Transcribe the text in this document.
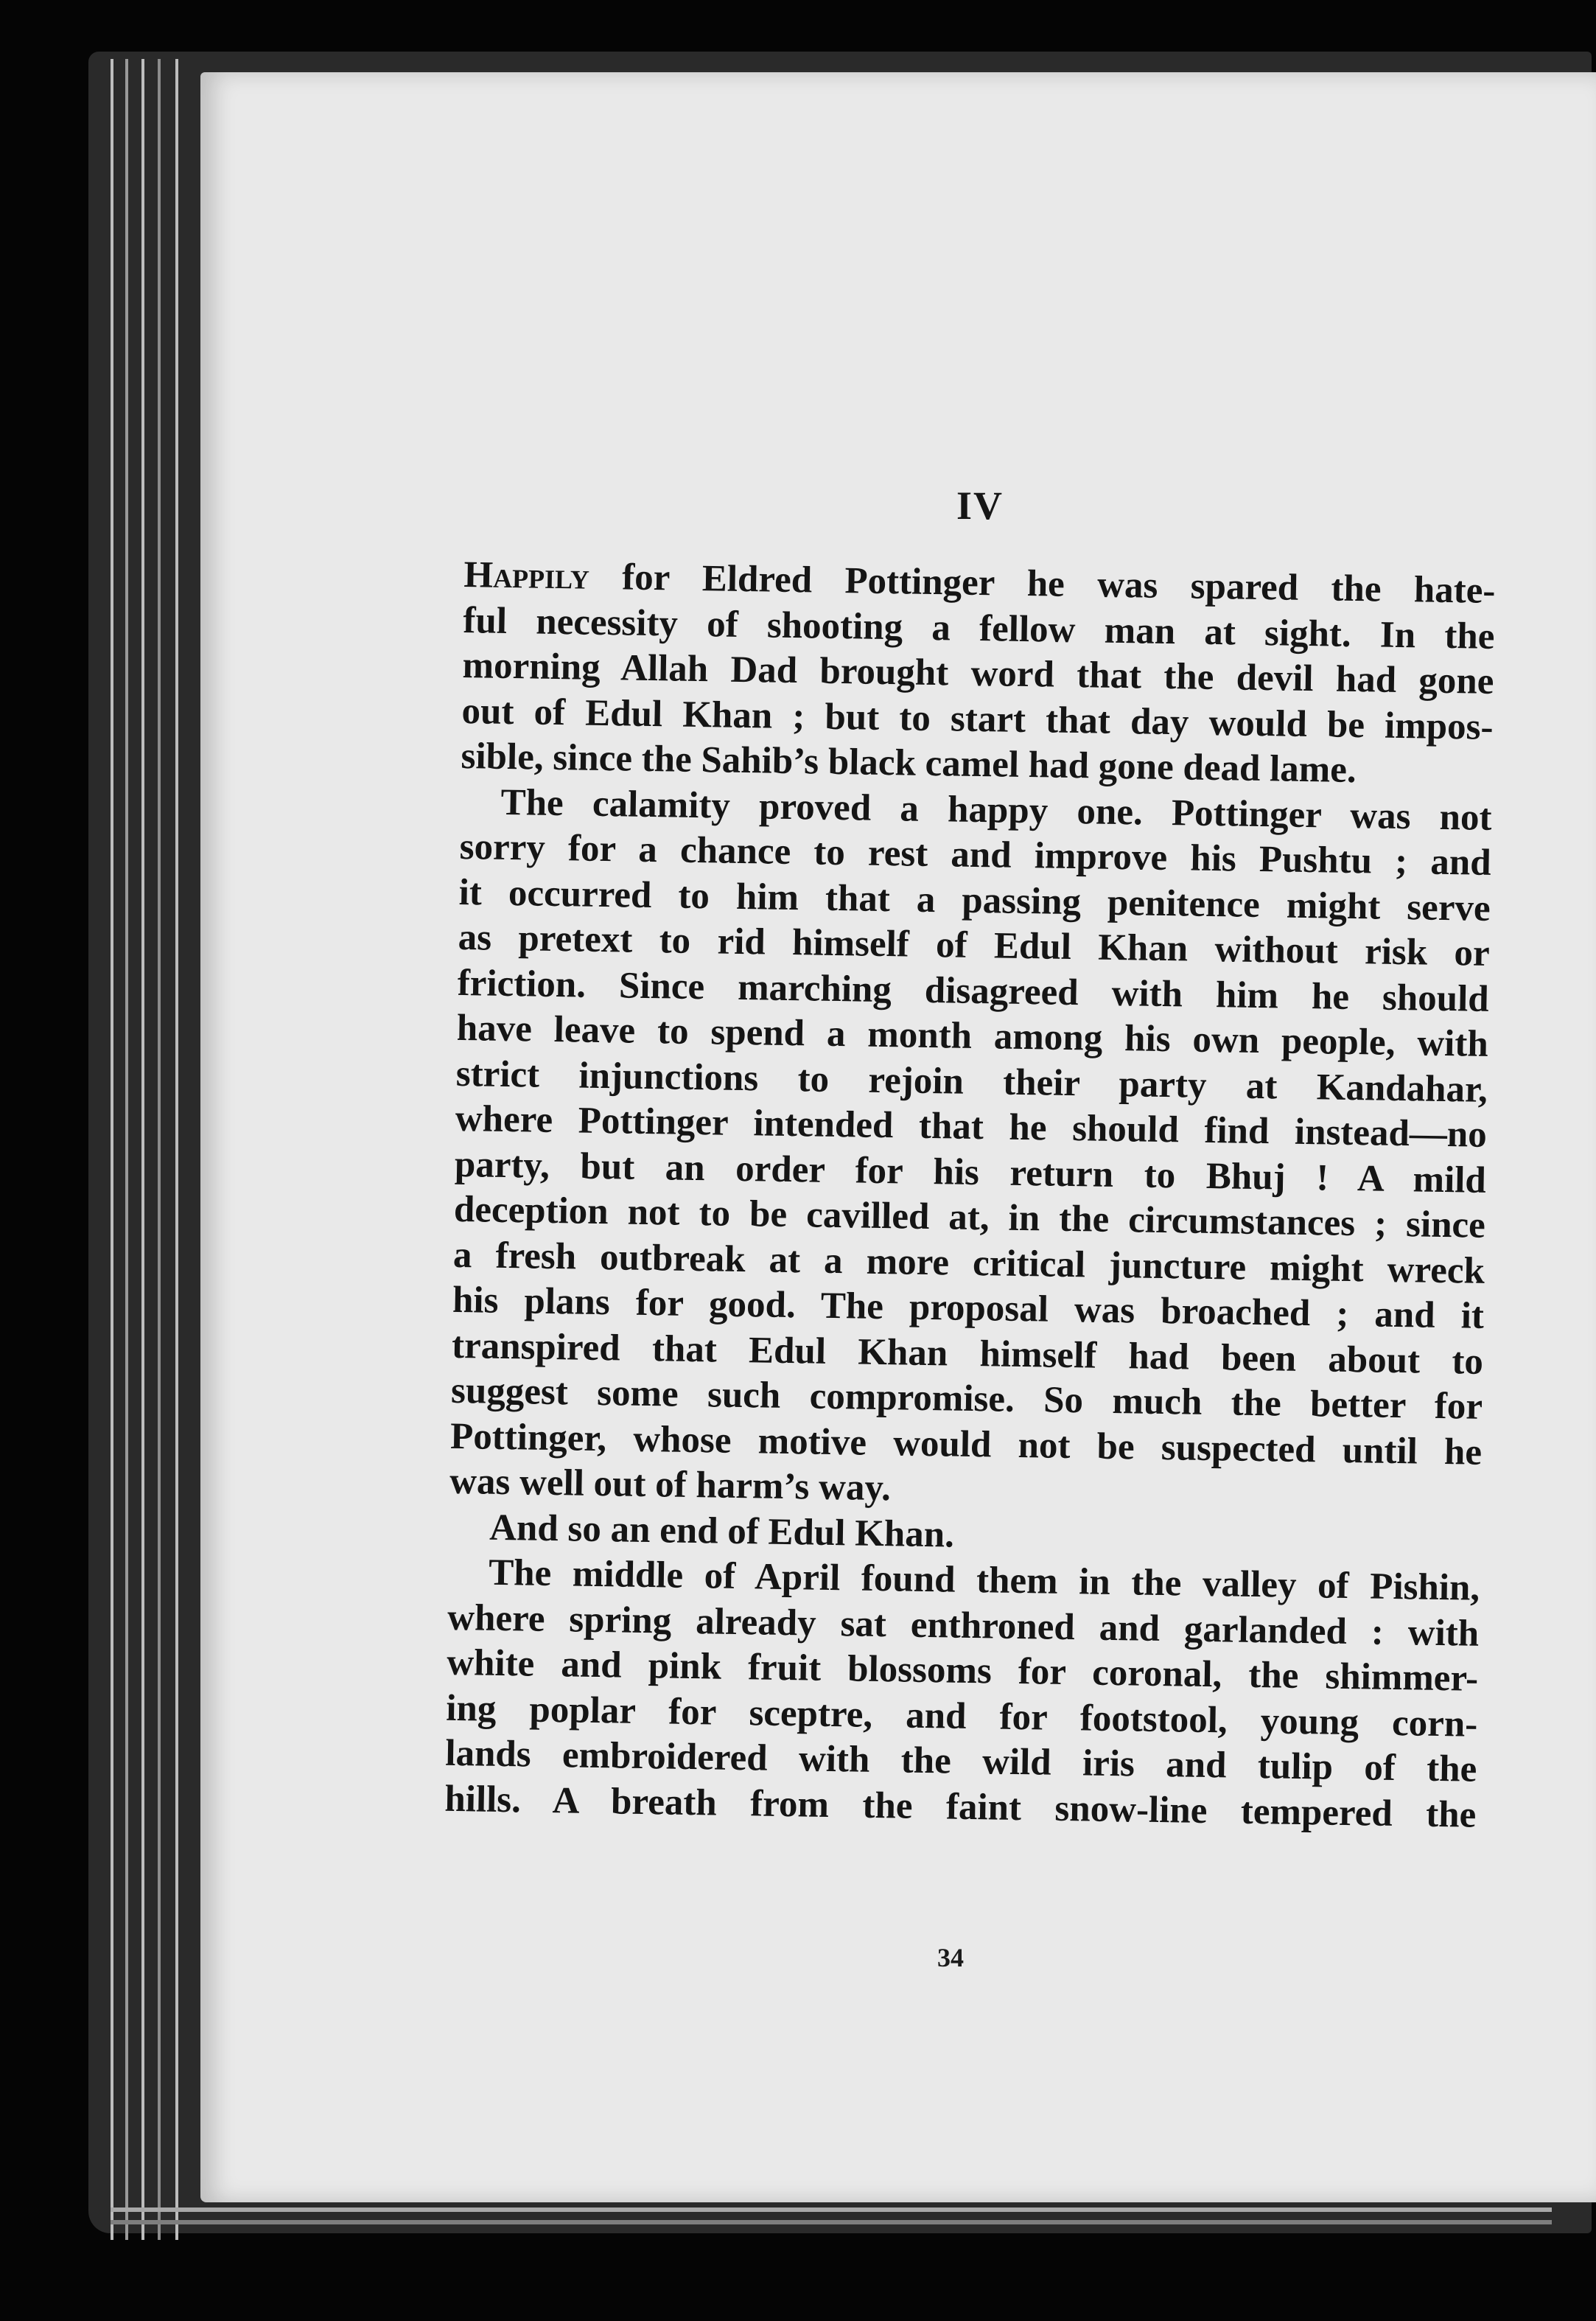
IV
Happily for Eldred Pottinger he was spared the hate-
ful necessity of shooting a fellow man at sight. In the
morning Allah Dad brought word that the devil had gone
out of Edul Khan ; but to start that day would be impos-
sible, since the Sahib’s black camel had gone dead lame.
The calamity proved a happy one. Pottinger was not
sorry for a chance to rest and improve his Pushtu ; and
it occurred to him that a passing penitence might serve
as pretext to rid himself of Edul Khan without risk or
friction. Since marching disagreed with him he should
have leave to spend a month among his own people, with
strict injunctions to rejoin their party at Kandahar,
where Pottinger intended that he should find instead—no
party, but an order for his return to Bhuj ! A mild
deception not to be cavilled at, in the circumstances ; since
a fresh outbreak at a more critical juncture might wreck
his plans for good. The proposal was broached ; and it
transpired that Edul Khan himself had been about to
suggest some such compromise. So much the better for
Pottinger, whose motive would not be suspected until he
was well out of harm’s way.
And so an end of Edul Khan.
The middle of April found them in the valley of Pishin,
where spring already sat enthroned and garlanded : with
white and pink fruit blossoms for coronal, the shimmer-
ing poplar for sceptre, and for footstool, young corn-
lands embroidered with the wild iris and tulip of the
hills. A breath from the faint snow-line tempered the
34
